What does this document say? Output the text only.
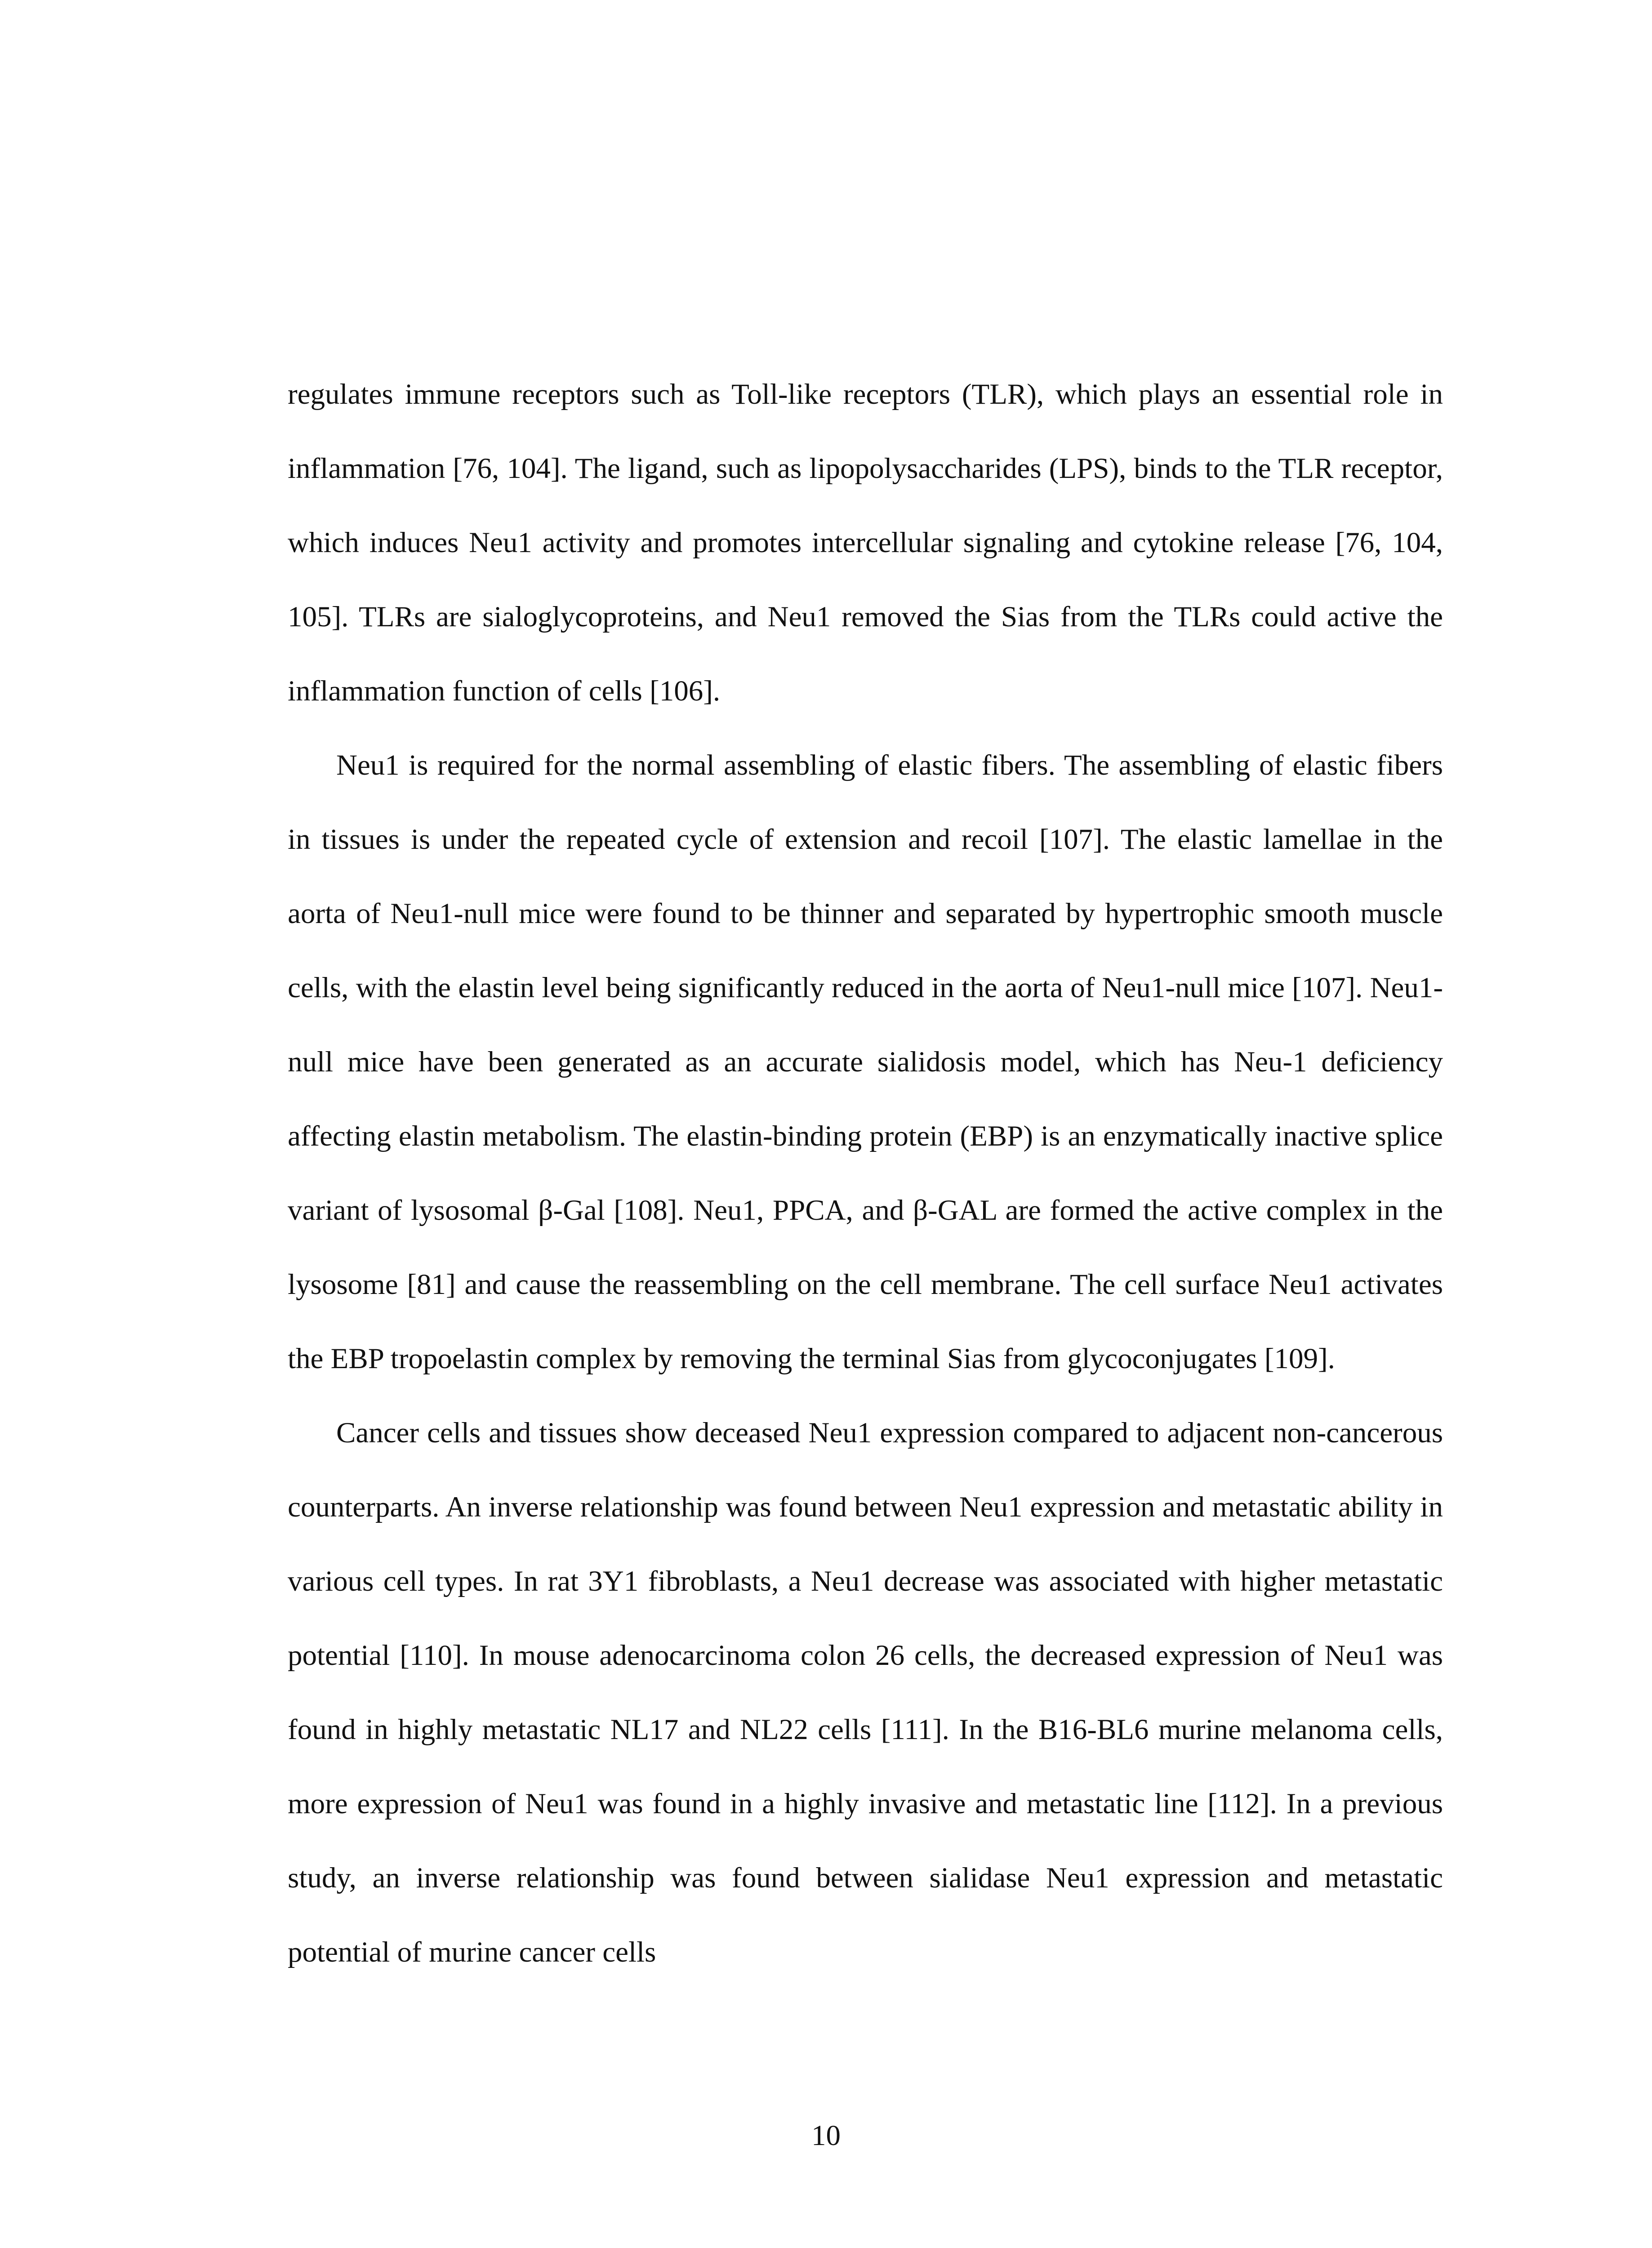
regulates immune receptors such as Toll-like receptors (TLR), which plays an essential role in inflammation [76, 104]. The ligand, such as lipopolysaccharides (LPS), binds to the TLR receptor, which induces Neu1 activity and promotes intercellular signaling and cytokine release [76, 104, 105]. TLRs are sialoglycoproteins, and Neu1 removed the Sias from the TLRs could active the inflammation function of cells [106].

Neu1 is required for the normal assembling of elastic fibers. The assembling of elastic fibers in tissues is under the repeated cycle of extension and recoil [107]. The elastic lamellae in the aorta of Neu1-null mice were found to be thinner and separated by hypertrophic smooth muscle cells, with the elastin level being significantly reduced in the aorta of Neu1-null mice [107]. Neu1-null mice have been generated as an accurate sialidosis model, which has Neu-1 deficiency affecting elastin metabolism. The elastin-binding protein (EBP) is an enzymatically inactive splice variant of lysosomal β-Gal [108]. Neu1, PPCA, and β-GAL are formed the active complex in the lysosome [81] and cause the reassembling on the cell membrane. The cell surface Neu1 activates the EBP tropoelastin complex by removing the terminal Sias from glycoconjugates [109].

Cancer cells and tissues show deceased Neu1 expression compared to adjacent non-cancerous counterparts. An inverse relationship was found between Neu1 expression and metastatic ability in various cell types. In rat 3Y1 fibroblasts, a Neu1 decrease was associated with higher metastatic potential [110]. In mouse adenocarcinoma colon 26 cells, the decreased expression of Neu1 was found in highly metastatic NL17 and NL22 cells [111]. In the B16-BL6 murine melanoma cells, more expression of Neu1 was found in a highly invasive and metastatic line [112]. In a previous study, an inverse relationship was found between sialidase Neu1 expression and metastatic potential of murine cancer cells

10
